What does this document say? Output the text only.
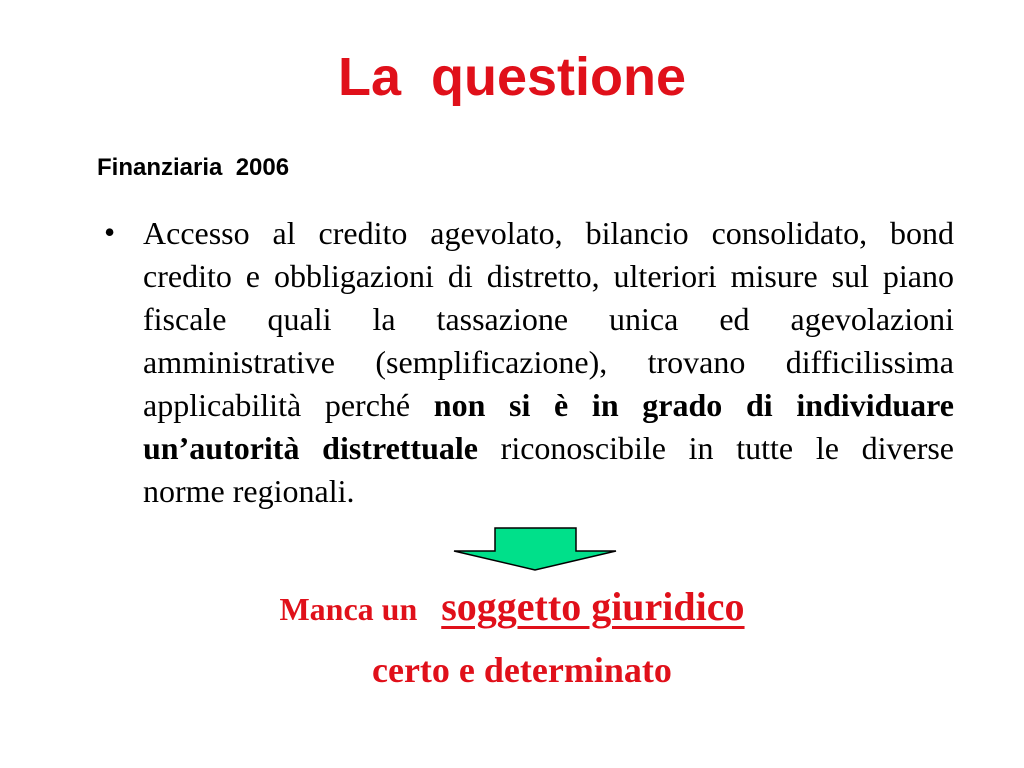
La  questione
Finanziaria  2006
• Accesso al credito agevolato, bilancio consolidato, bond credito e obbligazioni di distretto, ulteriori misure sul piano fiscale quali la tassazione unica ed agevolazioni amministrative (semplificazione), trovano difficilissima applicabilità perché non si è in grado di individuare un’autorità distrettuale riconoscibile in tutte le diverse norme regionali.
Manca un soggetto giuridico
certo e determinato
